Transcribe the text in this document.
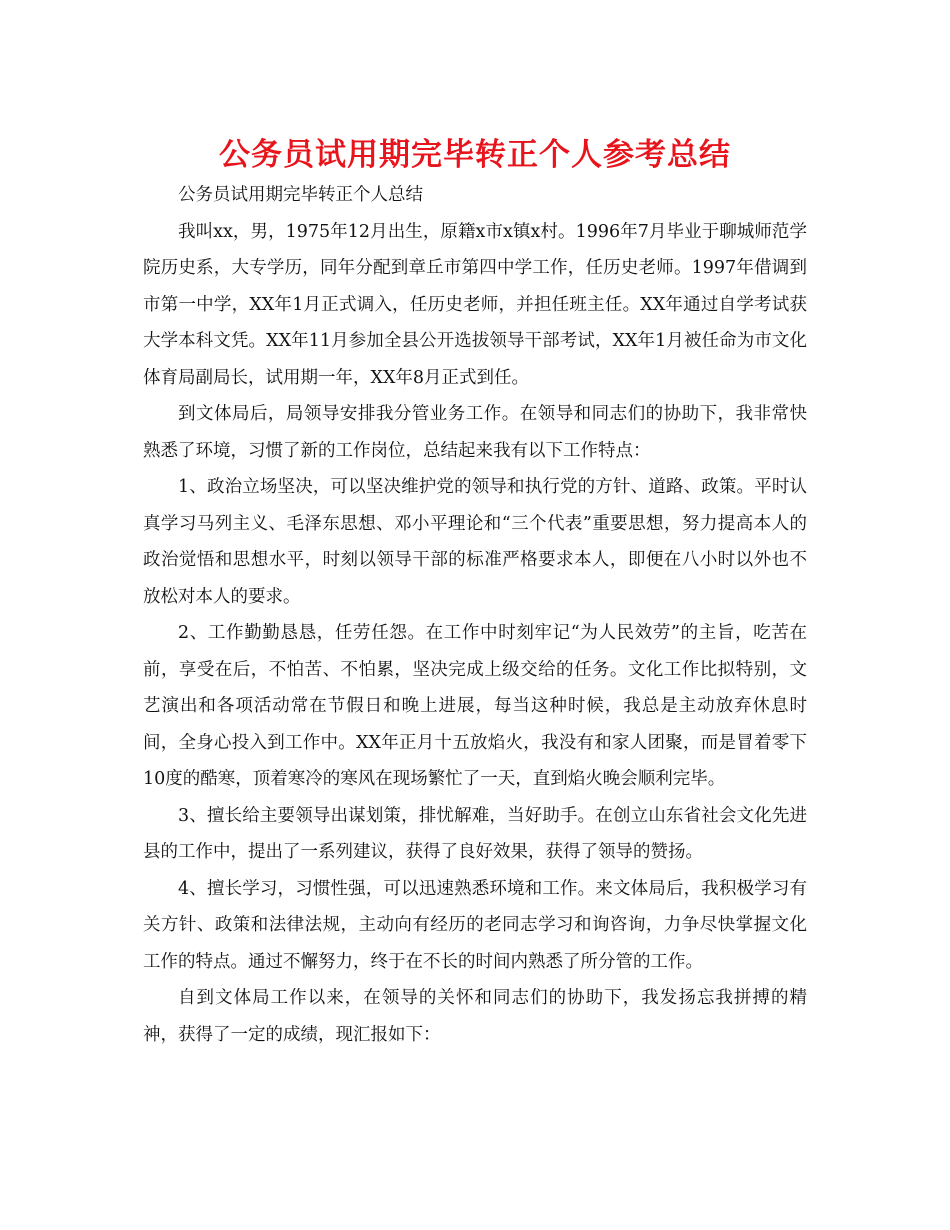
公务员试用期完毕转正个人参考总结

公务员试用期完毕转正个人总结

我叫xx，男，1975年12月出生，原籍x市x镇x村。1996年7月毕业于聊城师范学院历史系，大专学历，同年分配到章丘市第四中学工作，任历史老师。1997年借调到市第一中学，XX年1月正式调入，任历史老师，并担任班主任。XX年通过自学考试获大学本科文凭。XX年11月参加全县公开选拔领导干部考试，XX年1月被任命为市文化体育局副局长，试用期一年，XX年8月正式到任。

到文体局后，局领导安排我分管业务工作。在领导和同志们的协助下，我非常快熟悉了环境，习惯了新的工作岗位，总结起来我有以下工作特点：

1、政治立场坚决，可以坚决维护党的领导和执行党的方针、道路、政策。平时认真学习马列主义、毛泽东思想、邓小平理论和“三个代表”重要思想，努力提高本人的政治觉悟和思想水平，时刻以领导干部的标准严格要求本人，即便在八小时以外也不放松对本人的要求。

2、工作勤勤恳恳，任劳任怨。在工作中时刻牢记“为人民效劳”的主旨，吃苦在前，享受在后，不怕苦、不怕累，坚决完成上级交给的任务。文化工作比拟特别，文艺演出和各项活动常在节假日和晚上进展，每当这种时候，我总是主动放弃休息时间，全身心投入到工作中。XX年正月十五放焰火，我没有和家人团聚，而是冒着零下10度的酷寒，顶着寒冷的寒风在现场繁忙了一天，直到焰火晚会顺利完毕。

3、擅长给主要领导出谋划策，排忧解难，当好助手。在创立山东省社会文化先进县的工作中，提出了一系列建议，获得了良好效果，获得了领导的赞扬。

4、擅长学习，习惯性强，可以迅速熟悉环境和工作。来文体局后，我积极学习有关方针、政策和法律法规，主动向有经历的老同志学习和询咨询，力争尽快掌握文化工作的特点。通过不懈努力，终于在不长的时间内熟悉了所分管的工作。

自到文体局工作以来，在领导的关怀和同志们的协助下，我发扬忘我拼搏的精神，获得了一定的成绩，现汇报如下：
